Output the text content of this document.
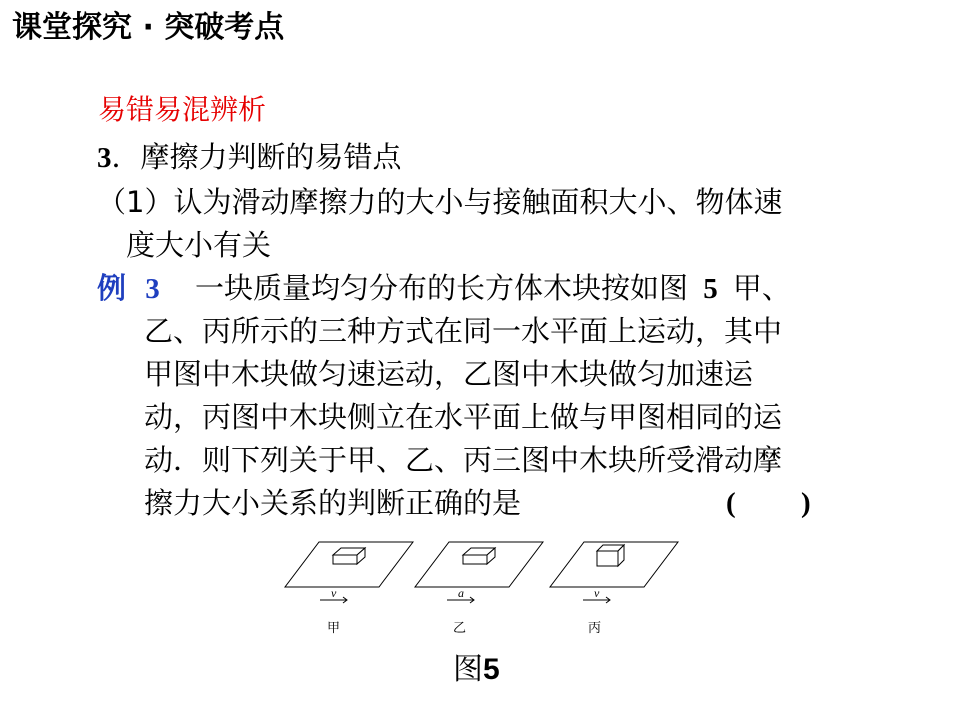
课堂探究 · 突破考点
易错易混辨析
3．摩擦力判断的易错点
（1）认为滑动摩擦力的大小与接触面积大小、物体速
度大小有关
例 3 一块质量均匀分布的长方体木块按如图 5 甲、
乙、丙所示的三种方式在同一水平面上运动，其中
甲图中木块做匀速运动，乙图中木块做匀加速运
动，丙图中木块侧立在水平面上做与甲图相同的运
动．则下列关于甲、乙、丙三图中木块所受滑动摩
擦力大小关系的判断正确的是	( )
v	a	v
甲	乙	丙
图5
